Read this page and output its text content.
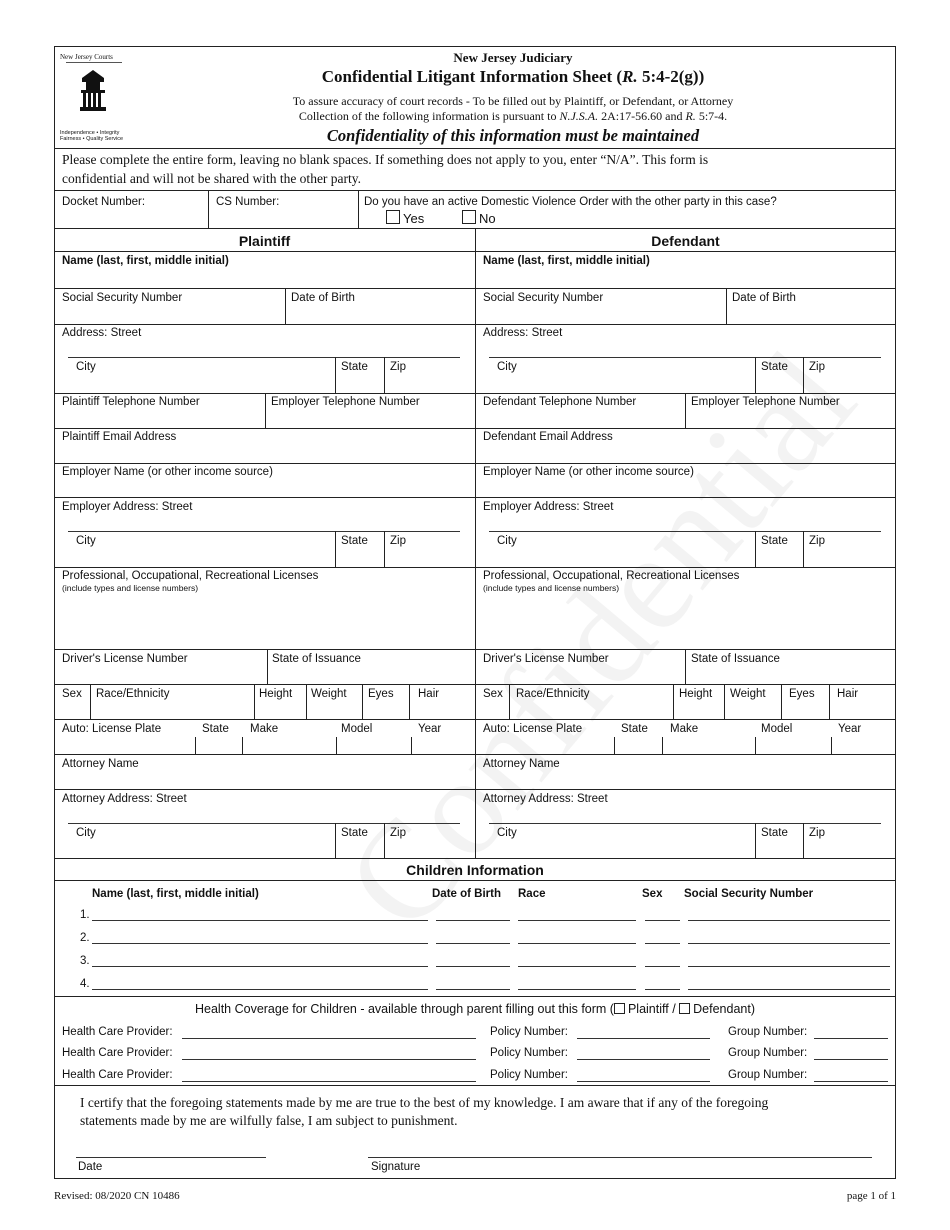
New Jersey Courts
Independence • Integrity Fairness • Quality Service
New Jersey Judiciary
Confidential Litigant Information Sheet (R. 5:4-2(g))
To assure accuracy of court records - To be filled out by Plaintiff, or Defendant, or Attorney
Collection of the following information is pursuant to N.J.S.A. 2A:17-56.60 and R. 5:7-4.
Confidentiality of this information must be maintained
Please complete the entire form, leaving no blank spaces. If something does not apply to you, enter “N/A”. This form is
confidential and will not be shared with the other party.
Docket Number:	CS Number:	Do you have an active Domestic Violence Order with the other party in this case?
Yes	No
Plaintiff	Defendant
Name (last, first, middle initial)
Social Security Number	Date of Birth
Address: Street
City	State Zip
Plaintiff Telephone Number	Employer Telephone Number
Plaintiff Email Address
Employer Name (or other income source)
Employer Address: Street
City	State Zip
Professional, Occupational, Recreational Licenses
(include types and license numbers)
Driver's License Number	State of Issuance
Sex Race/Ethnicity	Height Weight Eyes Hair
Auto: License Plate	State Make	Model	Year
Attorney Name
Attorney Address: Street
City	State Zip
Name (last, first, middle initial)
Social Security Number	Date of Birth
Address: Street
City	State Zip
Defendant Telephone Number	Employer Telephone Number
Defendant Email Address
Employer Name (or other income source)
Employer Address: Street
City	State Zip
Professional, Occupational, Recreational Licenses
(include types and license numbers)
Driver's License Number	State of Issuance
Sex Race/Ethnicity	Height Weight Eyes Hair
Auto: License Plate	State Make	Model	Year
Attorney Name
Attorney Address: Street
City	State Zip
Children Information
Name (last, first, middle initial)	Date of Birth Race	Sex Social Security Number
1.
2.
3.
4.
Health Coverage for Children - available through parent filling out this form ( Plaintiff / Defendant)
Health Care Provider:	Policy Number:	Group Number:
Health Care Provider:	Policy Number:	Group Number:
Health Care Provider:	Policy Number:	Group Number:
I certify that the foregoing statements made by me are true to the best of my knowledge. I am aware that if any of the foregoing
statements made by me are wilfully false, I am subject to punishment.
Date	Signature
Revised: 08/2020 CN 10486	page 1 of 1
